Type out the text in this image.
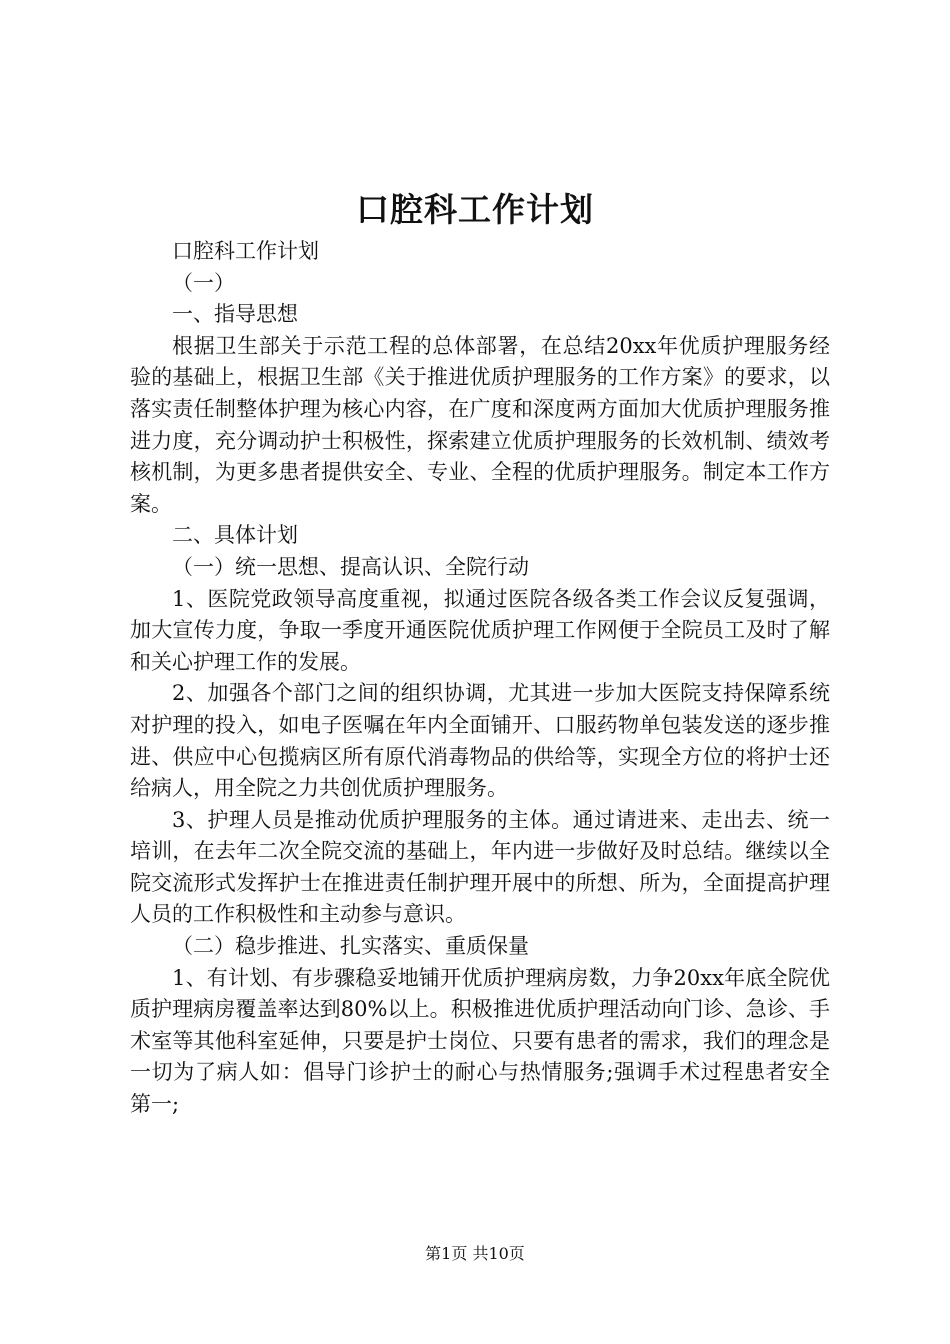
口腔科工作计划

口腔科工作计划

（一）

一、指导思想

根据卫生部关于示范工程的总体部署，在总结20xx年优质护理服务经验的基础上，根据卫生部《关于推进优质护理服务的工作方案》的要求，以落实责任制整体护理为核心内容，在广度和深度两方面加大优质护理服务推进力度，充分调动护士积极性，探索建立优质护理服务的长效机制、绩效考核机制，为更多患者提供安全、专业、全程的优质护理服务。制定本工作方案。

二、具体计划

（一）统一思想、提高认识、全院行动

1、医院党政领导高度重视，拟通过医院各级各类工作会议反复强调，加大宣传力度，争取一季度开通医院优质护理工作网便于全院员工及时了解和关心护理工作的发展。

2、加强各个部门之间的组织协调，尤其进一步加大医院支持保障系统对护理的投入，如电子医嘱在年内全面铺开、口服药物单包装发送的逐步推进、供应中心包揽病区所有原代消毒物品的供给等，实现全方位的将护士还给病人，用全院之力共创优质护理服务。

3、护理人员是推动优质护理服务的主体。通过请进来、走出去、统一培训，在去年二次全院交流的基础上，年内进一步做好及时总结。继续以全院交流形式发挥护士在推进责任制护理开展中的所想、所为，全面提高护理人员的工作积极性和主动参与意识。

（二）稳步推进、扎实落实、重质保量

1、有计划、有步骤稳妥地铺开优质护理病房数，力争20xx年底全院优质护理病房覆盖率达到80%以上。积极推进优质护理活动向门诊、急诊、手术室等其他科室延伸，只要是护士岗位、只要有患者的需求，我们的理念是一切为了病人如：倡导门诊护士的耐心与热情服务;强调手术过程患者安全第一;

第1页 共10页
